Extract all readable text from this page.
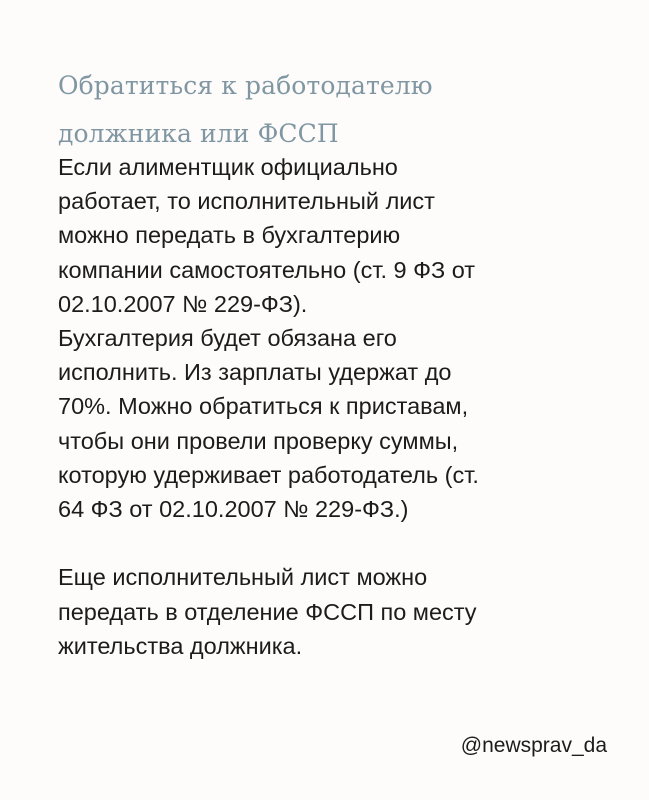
Обратиться к работодателю
должника или ФССП

Если алиментщик официально
работает, то исполнительный лист
можно передать в бухгалтерию
компании самостоятельно (ст. 9 ФЗ от
02.10.2007 № 229-ФЗ).
Бухгалтерия будет обязана его
исполнить. Из зарплаты удержат до
70%. Можно обратиться к приставам,
чтобы они провели проверку суммы,
которую удерживает работодатель (ст.
64 ФЗ от 02.10.2007 № 229-ФЗ.)

Еще исполнительный лист можно
передать в отделение ФССП по месту
жительства должника.

@newsprav_da
